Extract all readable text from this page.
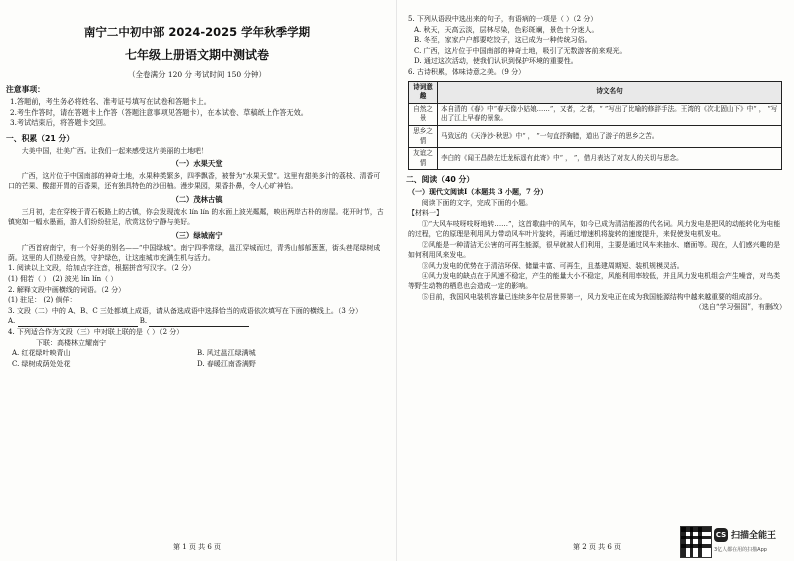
南宁二中初中部 2024-2025 学年秋季学期
七年级上册语文期中测试卷
（全卷满分 120 分 考试时间 150 分钟）
注意事项：
1.答题前，考生务必将姓名、准考证号填写在试卷和答题卡上。
2.考生作答时，请在答题卡上作答（答题注意事项见答题卡），在本试卷、草稿纸上作答无效。
3.考试结束后，将答题卡交回。
一、积累（21 分）
大美中国，壮美广西。让我们一起来感受这片美丽的土地吧！
（一）水果天堂
广西，这片位于中国南部的神奇土地，水果种类繁多，四季飘香，被誉为“水果天堂”。这里有甜美多汁的荔枝、清香可口的芒果、酸甜开胃的百香果，还有独具特色的沙田柚。漫步果园，果香扑鼻，令人心旷神怡。
（二）茂林古镇
三月初，走在穿梭于青石板路上的古镇，你会发现流水 lín lín 的水面上波光粼粼，映出两岸古朴的房屋。花开时节，古镇宛如一幅水墨画，游人们纷纷驻足，欣赏这份宁静与美好。
（三）绿城南宁
广西首府南宁，有一个好美的别名——“中国绿城”。南宁四季常绿，邕江穿城而过，青秀山郁郁葱葱，街头巷尾绿树成荫。这里的人们热爱自然，守护绿色，让这座城市充满生机与活力。
1. 阅读以上文段，给加点字注音，根据拼音写汉字。（2 分）
(1) 佣若（ ） (2) 波光 lín lín（ ）
2. 解释文段中画横线的词语。（2 分）
(1) 驻足： (2) 倘佯：
3. 文段（二）中的 A、B、C 三处都填上成语，请从备选成语中选择恰当的成语依次填写在下面的横线上。（3 分）
A.	B.
4. 下列适合作为文段（三）中对联上联的是（ ）（2 分）
下联：高楼林立耀南宁
A. 红花绿叶映青山	B. 风过邕江绿满城
C. 绿树成荫处处花	D. 春暖江南香满野
第 1 页 共 6 页
5. 下列从语段中选出来的句子，有语病的一项是（ ）（2 分）
A. 秋天，天高云淡，层林尽染，色彩斑斓，景色十分迷人。
B. 冬至，家家户户都要吃饺子，这已成为一种传统习俗。
C. 广西，这片位于中国南部的神奇土地，吸引了无数游客前来观光。
D. 通过这次活动，使我们认识到保护环境的重要性。
6. 古诗积累，体味诗意之美。（9 分）
诗词意趣	诗文名句
自然之景	本自清的《春》中“春天像小姑娘……”，又者，之者，“ ”写出了比喻的修辞手法。王湾的《次北固山下》中“ ， ”写出了江上早春的景象。
思乡之情	马致远的《天净沙·秋思》中“ ， ”一句直抒胸臆，道出了游子的思乡之苦。
友谊之情	李白的《闻王昌龄左迁龙标遥有此寄》中“ ， ”，借月表达了对友人的关切与思念。
二、阅读（40 分）
（一）现代文阅读Ⅰ（本题共 3 小题，7 分）
阅读下面的文字，完成下面的小题。
【材料一】
①“大风车吱呀吱呀地转……”，这首歌曲中的风车，如今已成为清洁能源的代名词。风力发电是把风的动能转化为电能的过程，它的原理是利用风力带动风车叶片旋转，再通过增速机将旋转的速度提升，来促使发电机发电。
②风能是一种清洁无公害的可再生能源，很早就被人们利用，主要是通过风车来抽水、磨面等。现在，人们感兴趣的是如何利用风来发电。
③风力发电的优势在于清洁环保、储量丰富、可再生，且基建周期短、装机规模灵活。
④风力发电的缺点在于风速不稳定，产生的能量大小不稳定，风能利用率较低，并且风力发电机组会产生噪音，对鸟类等野生动物的栖息也会造成一定的影响。
⑤目前，我国风电装机容量已连续多年位居世界第一，风力发电正在成为我国能源结构中越来越重要的组成部分。
（选自“学习强国”，有删改）
第 2 页 共 6 页
CS 扫描全能王
3亿人都在用的扫描App
